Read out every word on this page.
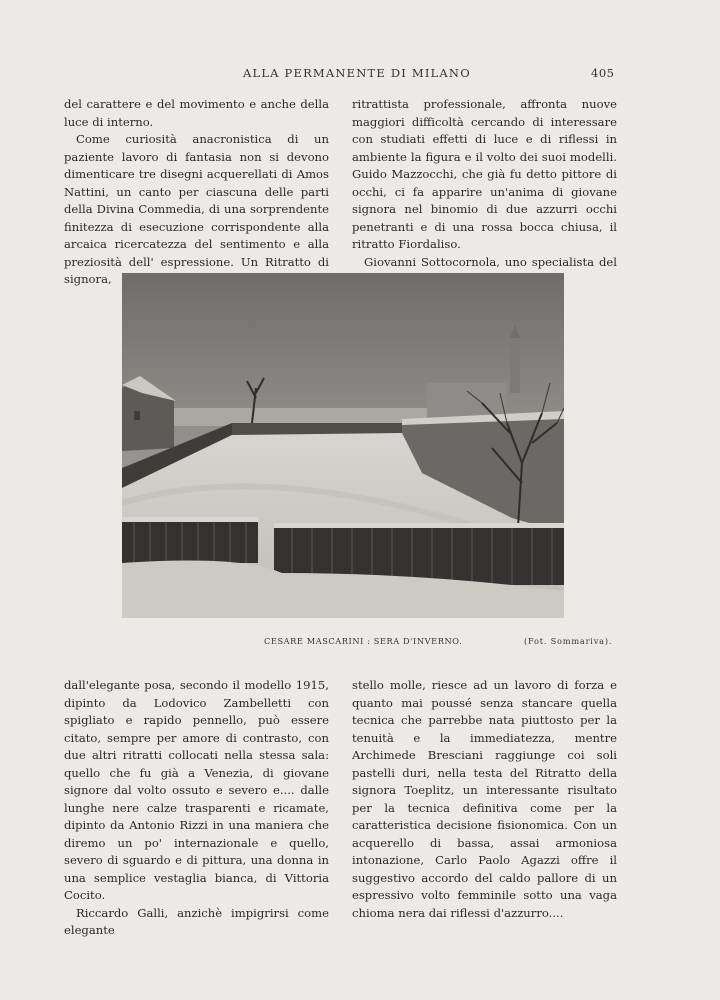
ALLA PERMANENTE DI MILANO	405

del carattere e del movimento e anche della luce di interno.

Come curiosità anacronistica di un paziente lavoro di fantasia non si devono dimenticare tre disegni acquerellati di Amos Nattini, un canto per ciascuna delle parti della Divina Commedia, di una sorprendente finitezza di esecuzione corrispondente alla arcaica ricercatezza del sentimento e alla preziosità dell' espressione. Un Ritratto di signora,

ritrattista professionale, affronta nuove maggiori difficoltà cercando di interessare con studiati effetti di luce e di riflessi in ambiente la figura e il volto dei suoi modelli. Guido Mazzocchi, che già fu detto pittore di occhi, ci fa apparire un'anima di giovane signora nel binomio di due azzurri occhi penetranti e di una rossa bocca chiusa, il ritratto Fiordaliso.

Giovanni Sottocornola, uno specialista del

CESARE MASCARINI : SERA D'INVERNO.	(Fot. Sommariva).

dall'elegante posa, secondo il modello 1915, dipinto da Lodovico Zambelletti con spigliato e rapido pennello, può essere citato, sempre per amore di contrasto, con due altri ritratti collocati nella stessa sala: quello che fu già a Venezia, di giovane signore dal volto ossuto e severo e.... dalle lunghe nere calze trasparenti e ricamate, dipinto da Antonio Rizzi in una maniera che diremo un po' internazionale e quello, severo di sguardo e di pittura, una donna in una semplice vestaglia bianca, di Vittoria Cocito.

Riccardo Galli, anzichè impigrirsi come elegante

stello molle, riesce ad un lavoro di forza e quanto mai poussé senza stancare quella tecnica che parrebbe nata piuttosto per la tenuità e la immediatezza, mentre Archimede Bresciani raggiunge coi soli pastelli duri, nella testa del Ritratto della signora Toeplitz, un interessante risultato per la tecnica definitiva come per la caratteristica decisione fisionomica. Con un acquerello di bassa, assai armoniosa intonazione, Carlo Paolo Agazzi offre il suggestivo accordo del caldo pallore di un espressivo volto femminile sotto una vaga chioma nera dai riflessi d'azzurro....
